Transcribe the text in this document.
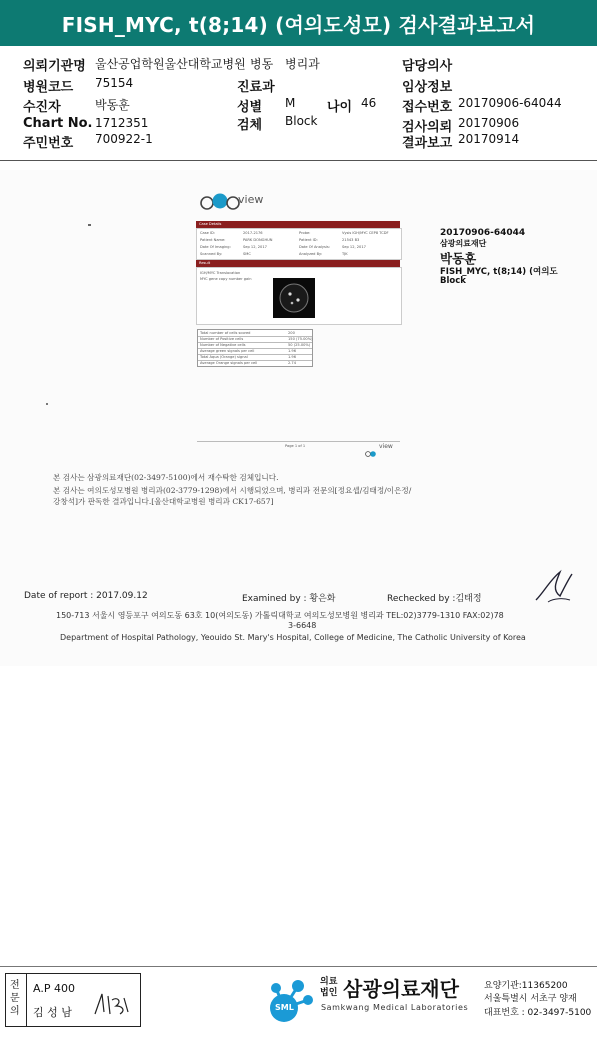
FISH_MYC, t(8;14) (여의도성모) 검사결과보고서
의뢰기관명 울산공업학원울산대학교병원 병동 병리과	담당의사
병원코드 75154	진료과	임상정보
수진자	박동훈	성별 M 나이 46 접수번호 20170906-64044
Chart No. 1712351	검체 Block	검사의뢰 20170906
주민번호 700922-1	결과보고 20170914
view
Case Details
Case ID:	2017-2176	Probe:	Vysis IGH/MYC CEP8 TCDF
Patient Name:	PARK DONGHUN	Patient ID:	21543 B3
Date Of Imaging:	Sep 12, 2017	Date Of Analysis:	Sep 12, 2017
Scanned By:	SMC	Analyzed By:	TJK
Result
IGH/MYC Translocation
MYC gene copy number gain
Total number of cells scored	200
Number of Positive cells	150 (75.00%)
Number of Negative cells	50 (25.00%)
Average green signals per cell	1.96
Total Aqua (Orange) signal	1.96
Average Orange signals per cell	2.74
Page 1 of 1	view
20170906-64044
삼광의료재단
박동훈
FISH_MYC, t(8;14) (여의도
Block
본 검사는 삼광의료재단(02-3497-5100)에서 재수탁한 검체입니다.
본 검사는 여의도성모병원 병리과(02-3779-1298)에서 시행되었으며, 병리과 전문의[정요셉/김태정/이은정/
강창석]가 판독한 결과입니다.[울산대학교병원 병리과 CK17-657]
Date of report : 2017.09.12	Examined by : 황은화	Rechecked by :김태정
150-713 서울시 영등포구 여의도동 63호 10(여의도동) 가톨릭대학교 여의도성모병원 병리과 TEL:02)3779-1310 FAX:02)78
3-6648
Department of Hospital Pathology, Yeouido St. Mary's Hospital, College of Medicine, The Catholic University of Korea
전문의
A.P 400
김 성 남	SML
의료
법인 삼광의료재단
Samkwang Medical Laboratories
요양기관:11365200
서울특별시 서초구 양재
대표번호 : 02-3497-5100
